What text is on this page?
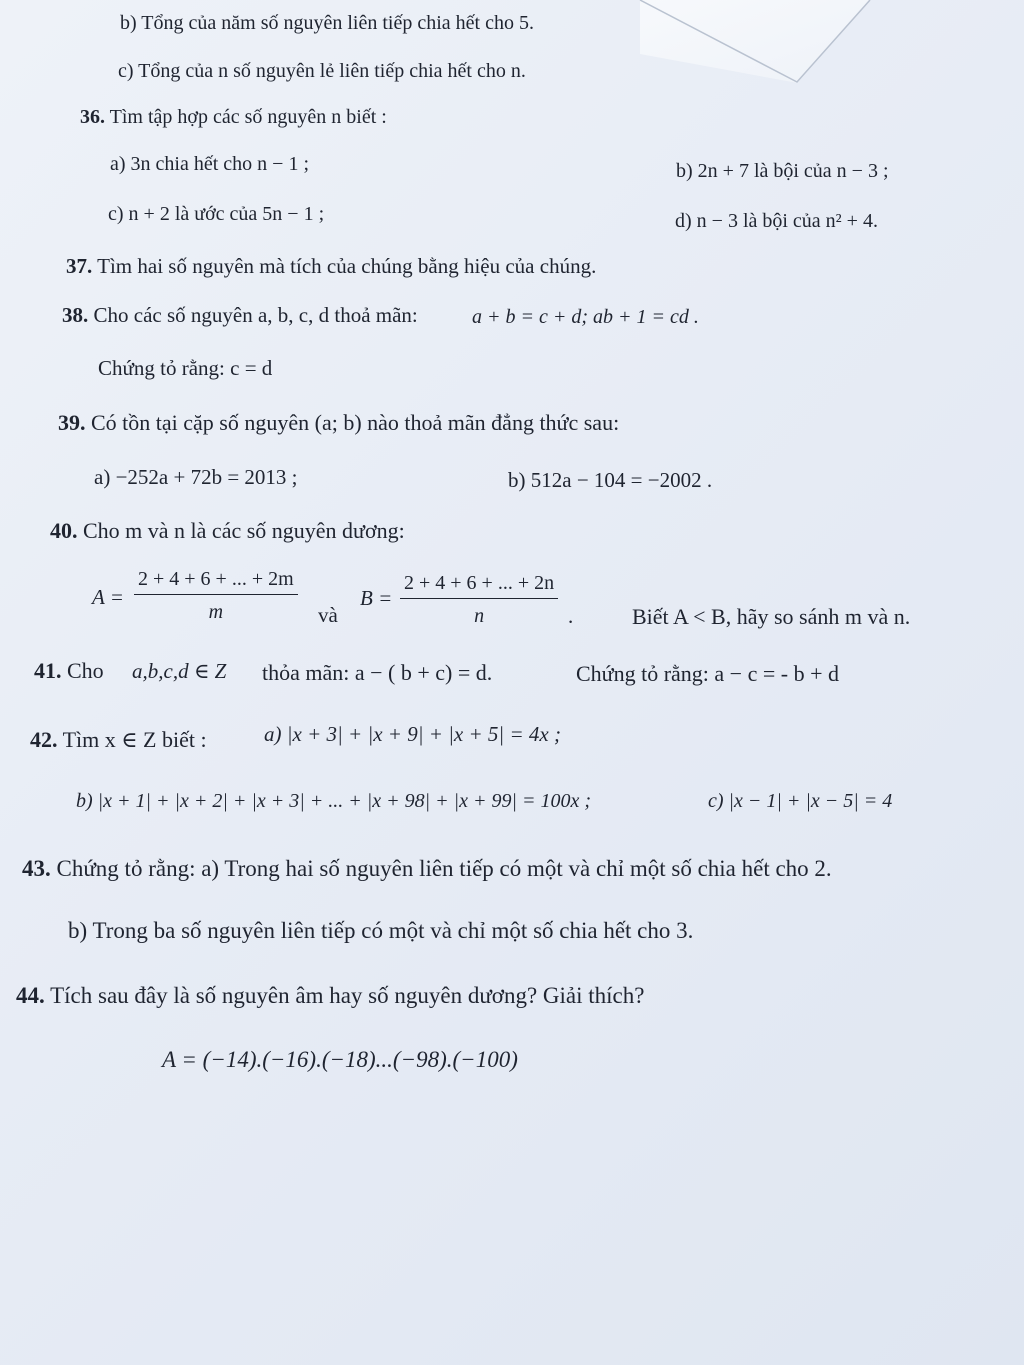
b) Tổng của năm số nguyên liên tiếp chia hết cho 5.
c) Tổng của n số nguyên lẻ liên tiếp chia hết cho n.
36. Tìm tập hợp các số nguyên n biết :
a) 3n chia hết cho n − 1 ;	b) 2n + 7 là bội của n − 3 ;
c) n + 2 là ước của 5n − 1 ;	d) n − 3 là bội của n² + 4.
37. Tìm hai số nguyên mà tích của chúng bằng hiệu của chúng.
38. Cho các số nguyên a, b, c, d thoả mãn:	a + b = c + d; ab + 1 = cd .
Chứng tỏ rằng: c = d
39. Có tồn tại cặp số nguyên (a; b) nào thoả mãn đẳng thức sau:
a) −252a + 72b = 2013 ;	b) 512a − 104 = −2002 .
40. Cho m và n là các số nguyên dương:
$A = \frac{2 + 4 + 6 + ... + 2m}{m}$ và
$B = \frac{2 + 4 + 6 + ... + 2n}{n}$ .	Biết A < B, hãy so sánh m và n.
41. Cho a,b,c,d ∈ Z thỏa mãn: a − ( b + c) = d.	Chứng tỏ rằng: a − c = - b + d
42. Tìm x ∈ Z biết :	a) |x + 3| + |x + 9| + |x + 5| = 4x ;
b) |x + 1| + |x + 2| + |x + 3| + ... + |x + 98| + |x + 99| = 100x ;	c) |x − 1| + |x − 5| = 4
43. Chứng tỏ rằng: a) Trong hai số nguyên liên tiếp có một và chỉ một số chia hết cho 2.
b) Trong ba số nguyên liên tiếp có một và chỉ một số chia hết cho 3.
44. Tích sau đây là số nguyên âm hay số nguyên dương? Giải thích?
A = (−14).(−16).(−18)...(−98).(−100)
